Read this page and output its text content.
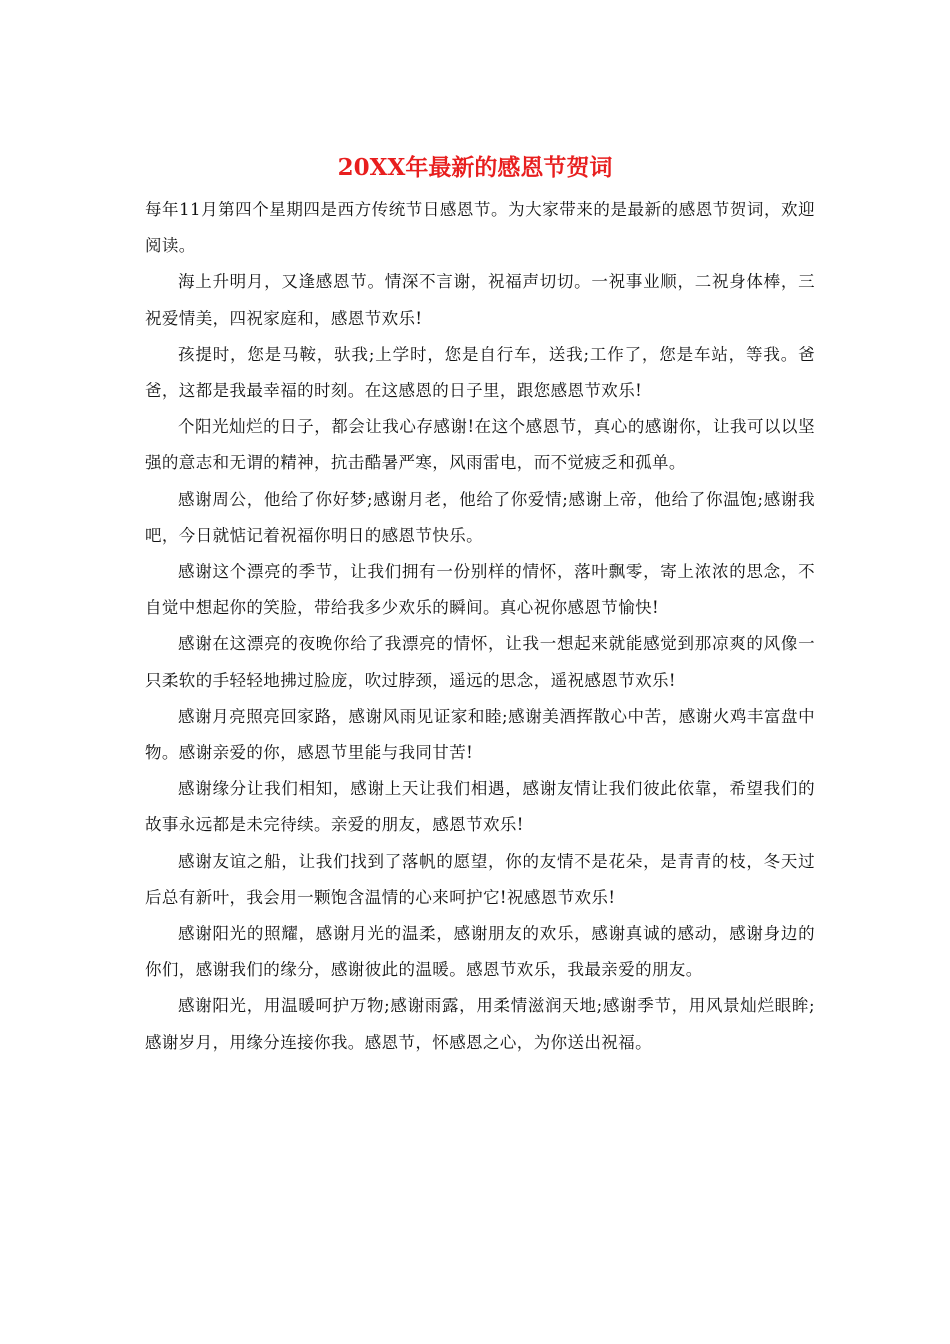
20XX年最新的感恩节贺词

每年11月第四个星期四是西方传统节日感恩节。为大家带来的是最新的感恩节贺词，欢迎阅读。

海上升明月，又逢感恩节。情深不言谢，祝福声切切。一祝事业顺，二祝身体棒，三祝爱情美，四祝家庭和，感恩节欢乐!

孩提时，您是马鞍，驮我;上学时，您是自行车，送我;工作了，您是车站，等我。爸爸，这都是我最幸福的时刻。在这感恩的日子里，跟您感恩节欢乐!

个阳光灿烂的日子，都会让我心存感谢!在这个感恩节，真心的感谢你，让我可以以坚强的意志和无谓的精神，抗击酷暑严寒，风雨雷电，而不觉疲乏和孤单。

感谢周公，他给了你好梦;感谢月老，他给了你爱情;感谢上帝，他给了你温饱;感谢我吧，今日就惦记着祝福你明日的感恩节快乐。

感谢这个漂亮的季节，让我们拥有一份别样的情怀，落叶飘零，寄上浓浓的思念，不自觉中想起你的笑脸，带给我多少欢乐的瞬间。真心祝你感恩节愉快!

感谢在这漂亮的夜晚你给了我漂亮的情怀，让我一想起来就能感觉到那凉爽的风像一只柔软的手轻轻地拂过脸庞，吹过脖颈，遥远的思念，遥祝感恩节欢乐!

感谢月亮照亮回家路，感谢风雨见证家和睦;感谢美酒挥散心中苦，感谢火鸡丰富盘中物。感谢亲爱的你，感恩节里能与我同甘苦!

感谢缘分让我们相知，感谢上天让我们相遇，感谢友情让我们彼此依靠，希望我们的故事永远都是未完待续。亲爱的朋友，感恩节欢乐!

感谢友谊之船，让我们找到了落帆的愿望，你的友情不是花朵，是青青的枝，冬天过后总有新叶，我会用一颗饱含温情的心来呵护它!祝感恩节欢乐!

感谢阳光的照耀，感谢月光的温柔，感谢朋友的欢乐，感谢真诚的感动，感谢身边的你们，感谢我们的缘分，感谢彼此的温暖。感恩节欢乐，我最亲爱的朋友。

感谢阳光，用温暖呵护万物;感谢雨露，用柔情滋润天地;感谢季节，用风景灿烂眼眸;感谢岁月，用缘分连接你我。感恩节，怀感恩之心，为你送出祝福。
